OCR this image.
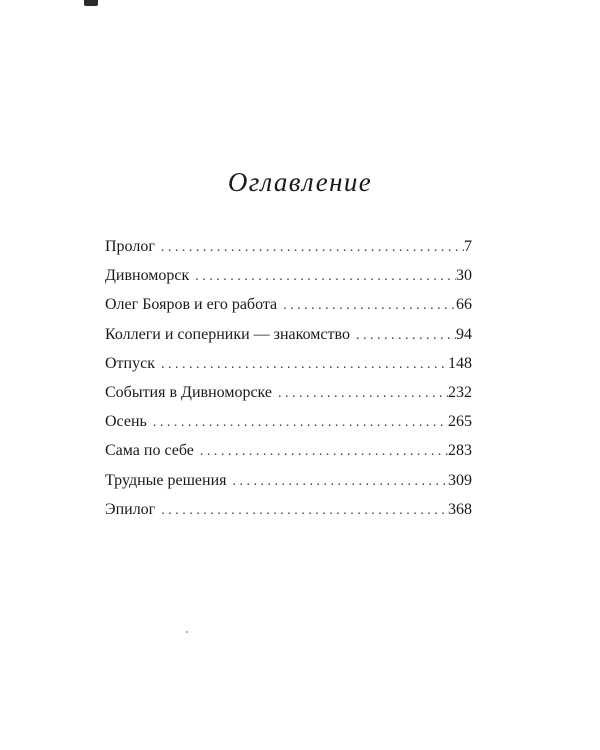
Оглавление
Пролог . . .	7
Дивноморск . . .	30
Олег Бояров и его работа . . .	66
Коллеги и соперники — знакомство . . .	94
Отпуск . . .	148
События в Дивноморске . . .	232
Осень . . .	265
Сама по себе . . .	283
Трудные решения . . .	309
Эпилог . . .	368
